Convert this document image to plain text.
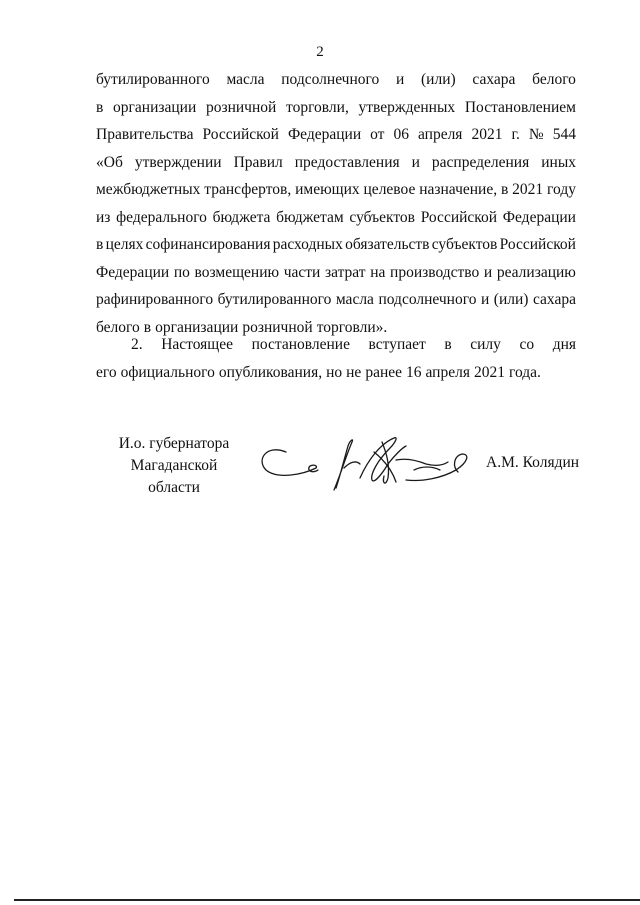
2
бутилированного масла подсолнечного и (или) сахара белого
в организации розничной торговли, утвержденных Постановлением
Правительства Российской Федерации от 06 апреля 2021 г. № 544
«Об утверждении Правил предоставления и распределения иных
межбюджетных трансфертов, имеющих целевое назначение, в 2021 году
из федерального бюджета бюджетам субъектов Российской Федерации
в целях софинансирования расходных обязательств субъектов Российской
Федерации по возмещению части затрат на производство и реализацию
рафинированного бутилированного масла подсолнечного и (или) сахара
белого в организации розничной торговли».
2. Настоящее постановление вступает в силу со дня
его официального опубликования, но не ранее 16 апреля 2021 года.
И.о. губернатора
Магаданской области
А.М. Колядин
